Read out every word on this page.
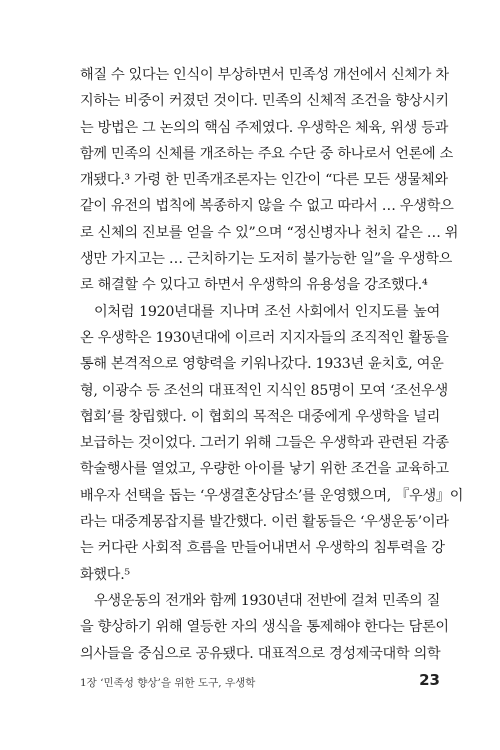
해질 수 있다는 인식이 부상하면서 민족성 개선에서 신체가 차
지하는 비중이 커졌던 것이다. 민족의 신체적 조건을 향상시키
는 방법은 그 논의의 핵심 주제였다. 우생학은 체육, 위생 등과
함께 민족의 신체를 개조하는 주요 수단 중 하나로서 언론에 소
개됐다.³ 가령 한 민족개조론자는 인간이 “다른 모든 생물체와
같이 유전의 법칙에 복종하지 않을 수 없고 따라서 … 우생학으
로 신체의 진보를 얻을 수 있”으며 “정신병자나 천치 같은 … 위
생만 가지고는 … 근치하기는 도저히 불가능한 일”을 우생학으
로 해결할 수 있다고 하면서 우생학의 유용성을 강조했다.⁴
이처럼 1920년대를 지나며 조선 사회에서 인지도를 높여
온 우생학은 1930년대에 이르러 지지자들의 조직적인 활동을
통해 본격적으로 영향력을 키워나갔다. 1933년 윤치호, 여운
형, 이광수 등 조선의 대표적인 지식인 85명이 모여 ‘조선우생
협회’를 창립했다. 이 협회의 목적은 대중에게 우생학을 널리
보급하는 것이었다. 그러기 위해 그들은 우생학과 관련된 각종
학술행사를 열었고, 우량한 아이를 낳기 위한 조건을 교육하고
배우자 선택을 돕는 ‘우생결혼상담소’를 운영했으며, 『우생』이
라는 대중계몽잡지를 발간했다. 이런 활동들은 ‘우생운동’이라
는 커다란 사회적 흐름을 만들어내면서 우생학의 침투력을 강
화했다.⁵
우생운동의 전개와 함께 1930년대 전반에 걸쳐 민족의 질
을 향상하기 위해 열등한 자의 생식을 통제해야 한다는 담론이
의사들을 중심으로 공유됐다. 대표적으로 경성제국대학 의학
1장 ‘민족성 향상’을 위한 도구, 우생학	23
